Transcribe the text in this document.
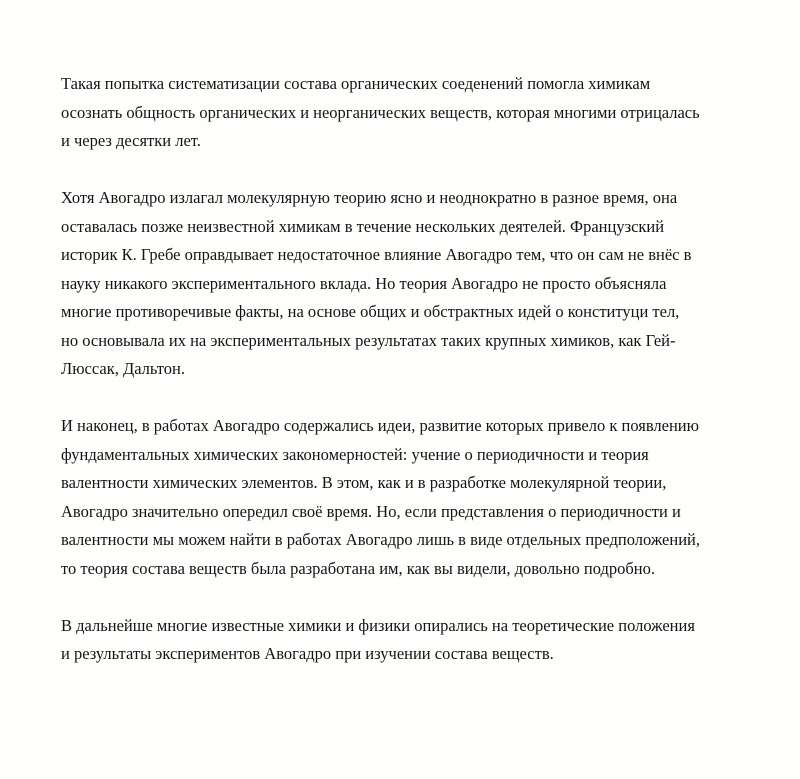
Такая попытка систематизации состава органических соеденений помогла химикам
осознать общность органических и неорганических веществ, которая многими отрицалась
и через десятки лет.

Хотя Авогадро излагал молекулярную теорию ясно и неоднократно в разное время, она
оставалась позже неизвестной химикам в течение нескольких деятелей. Французский
историк К. Гребе оправдывает недостаточное влияние Авогадро тем, что он сам не внёс в
науку никакого экспериментального вклада. Но теория Авогадро не просто объясняла
многие противоречивые факты, на основе общих и обстрактных идей о конституци тел,
но основывала их на экспериментальных результатах таких крупных химиков, как Гей-
Люссак, Дальтон.

И наконец, в работах Авогадро содержались идеи, развитие которых привело к появлению
фундаментальных химических закономерностей: учение о периодичности и теория
валентности химических элементов. В этом, как и в разработке молекулярной теории,
Авогадро значительно опередил своё время. Но, если представления о периодичности и
валентности мы можем найти в работах Авогадро лишь в виде отдельных предположений,
то теория состава веществ была разработана им, как вы видели, довольно подробно.

В дальнейше многие известные химики и физики опирались на теоретические положения
и результаты экспериментов Авогадро при изучении состава веществ.
